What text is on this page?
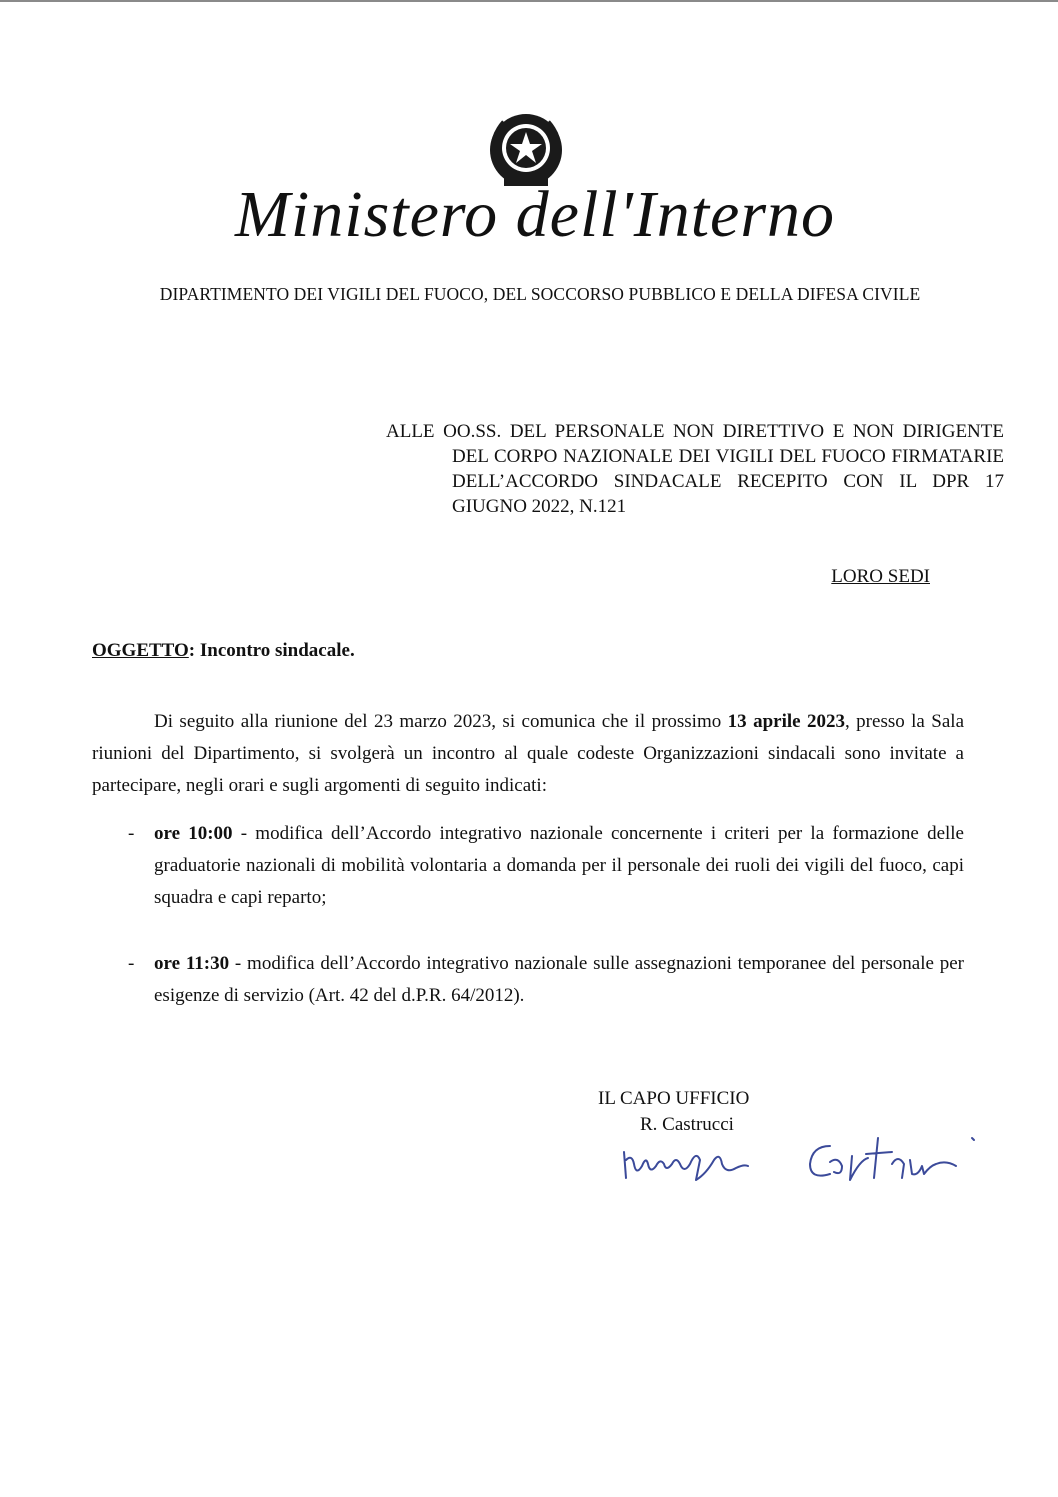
Ministero dell'Interno
DIPARTIMENTO DEI VIGILI DEL FUOCO, DEL SOCCORSO PUBBLICO E DELLA DIFESA CIVILE
ALLE OO.SS. DEL PERSONALE NON DIRETTIVO E NON DIRIGENTE DEL CORPO NAZIONALE DEI VIGILI DEL FUOCO FIRMATARIE DELL’ACCORDO SINDACALE RECEPITO CON IL DPR 17 GIUGNO 2022, N.121
LORO SEDI
OGGETTO: Incontro sindacale.
Di seguito alla riunione del 23 marzo 2023, si comunica che il prossimo 13 aprile 2023, presso la Sala riunioni del Dipartimento, si svolgerà un incontro al quale codeste Organizzazioni sindacali sono invitate a partecipare, negli orari e sugli argomenti di seguito indicati:
- ore 10:00 - modifica dell’Accordo integrativo nazionale concernente i criteri per la formazione delle graduatorie nazionali di mobilità volontaria a domanda per il personale dei ruoli dei vigili del fuoco, capi squadra e capi reparto;
- ore 11:30 - modifica dell’Accordo integrativo nazionale sulle assegnazioni temporanee del personale per esigenze di servizio (Art. 42 del d.P.R. 64/2012).
IL CAPO UFFICIO
R. Castrucci
